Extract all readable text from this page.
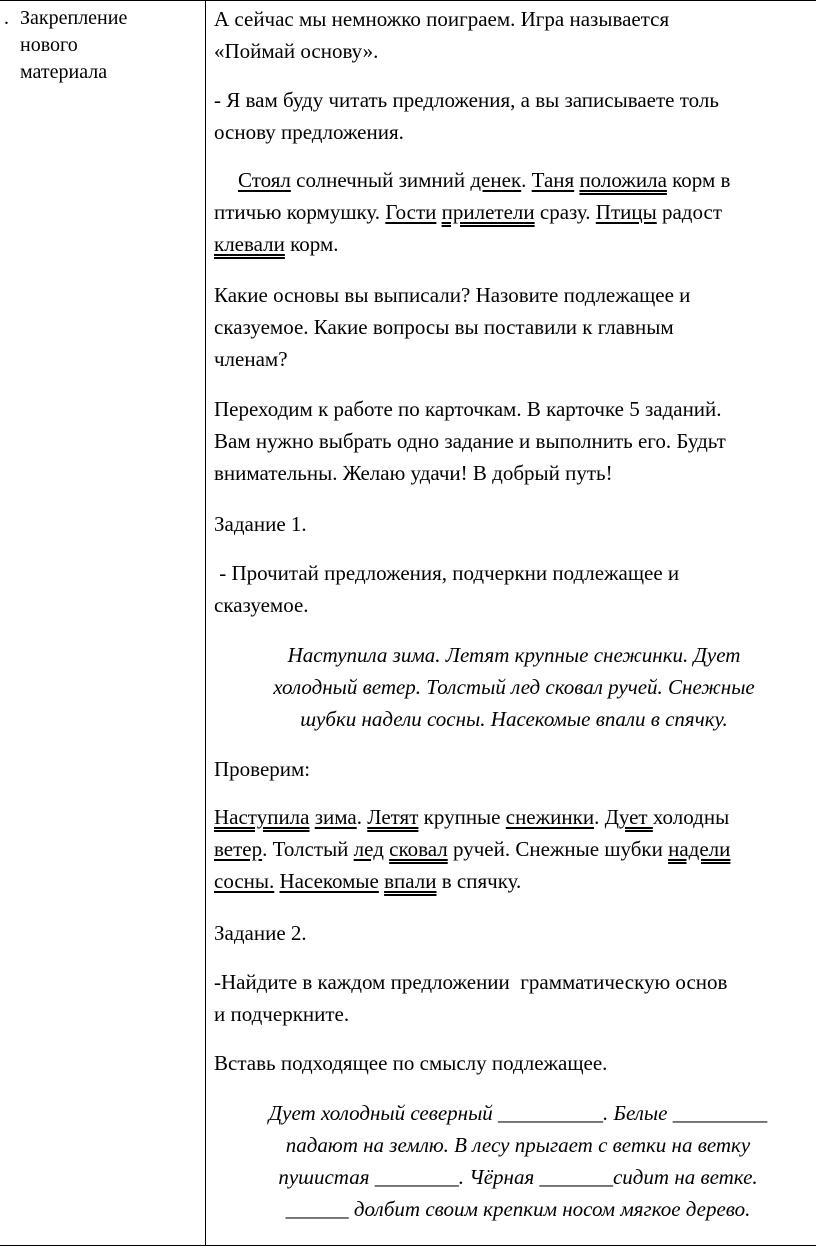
. Закрепление
нового
материала
А сейчас мы немножко поиграем. Игра называется
«Поймай основу».
- Я вам буду читать предложения, а вы записываете толь
основу предложения.
Стоял солнечный зимний денек. Таня положила корм в
птичью кормушку. Гости прилетели сразу. Птицы радост
клевали корм.
Какие основы вы выписали? Назовите подлежащее и
сказуемое. Какие вопросы вы поставили к главным
членам?
Переходим к работе по карточкам. В карточке 5 заданий.
Вам нужно выбрать одно задание и выполнить его. Будьт
внимательны. Желаю удачи! В добрый путь!
Задание 1.
- Прочитай предложения, подчеркни подлежащее и
сказуемое.
Наступила зима. Летят крупные снежинки. Дует
холодный ветер. Толстый лед сковал ручей. Снежные
шубки надели сосны. Насекомые впали в спячку.
Проверим:
Наступила зима. Летят крупные снежинки. Дует холодны
ветер. Толстый лед сковал ручей. Снежные шубки надели
сосны. Насекомые впали в спячку.
Задание 2.
-Найдите в каждом предложении  грамматическую основ
и подчеркните.
Вставь подходящее по смыслу подлежащее.
Дует холодный северный __________. Белые _________
падают на землю. В лесу прыгает с ветки на ветку
пушистая ________. Чёрная _______сидит на ветке.
______ долбит своим крепким носом мягкое дерево.
